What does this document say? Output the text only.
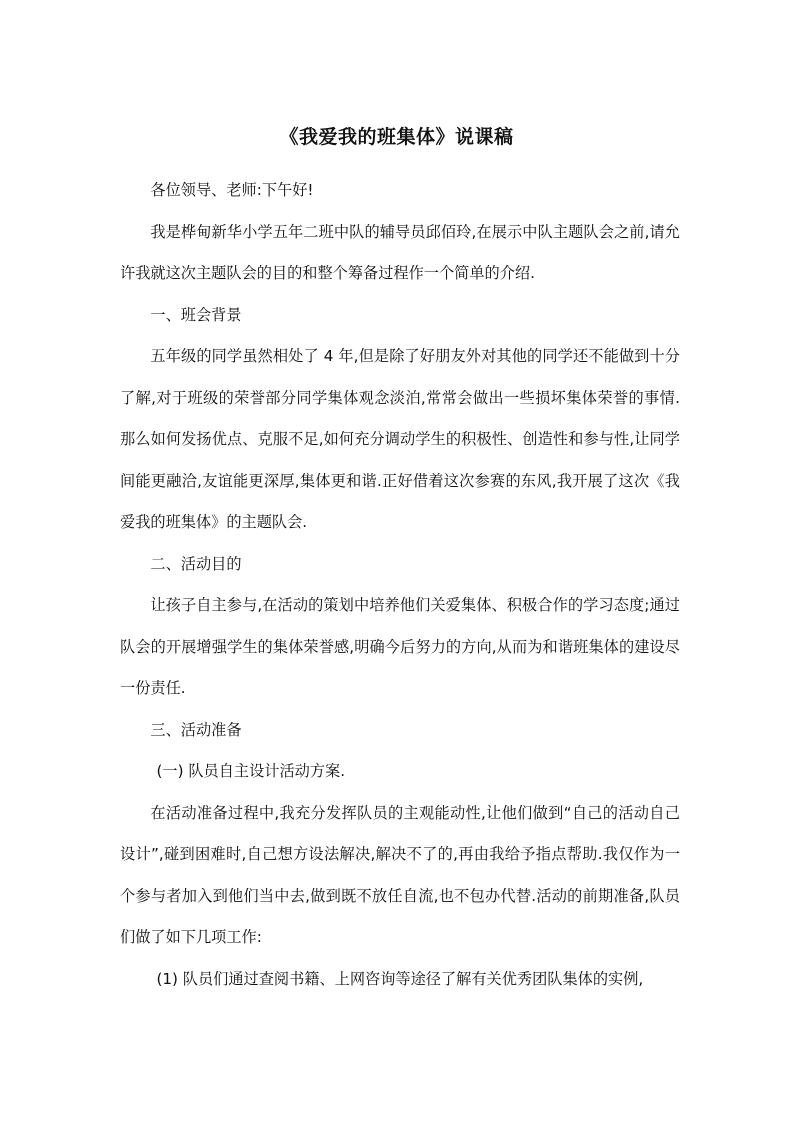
《我爱我的班集体》说课稿

各位领导、老师:下午好!

我是桦甸新华小学五年二班中队的辅导员邱佰玲,在展示中队主题队会之前,请允许我就这次主题队会的目的和整个筹备过程作一个简单的介绍.

一、班会背景

五年级的同学虽然相处了 4 年,但是除了好朋友外对其他的同学还不能做到十分了解,对于班级的荣誉部分同学集体观念淡泊,常常会做出一些损坏集体荣誉的事情.那么如何发扬优点、克服不足,如何充分调动学生的积极性、创造性和参与性,让同学间能更融洽,友谊能更深厚,集体更和谐.正好借着这次参赛的东风,我开展了这次《我爱我的班集体》的主题队会.

二、活动目的

让孩子自主参与,在活动的策划中培养他们关爱集体、积极合作的学习态度;通过队会的开展增强学生的集体荣誉感,明确今后努力的方向,从而为和谐班集体的建设尽一份责任.

三、活动准备

(一) 队员自主设计活动方案.

在活动准备过程中,我充分发挥队员的主观能动性,让他们做到“自己的活动自己设计”,碰到困难时,自己想方设法解决,解决不了的,再由我给予指点帮助.我仅作为一个参与者加入到他们当中去,做到既不放任自流,也不包办代替.活动的前期准备,队员们做了如下几项工作:

(1) 队员们通过查阅书籍、上网咨询等途径了解有关优秀团队集体的实例,
